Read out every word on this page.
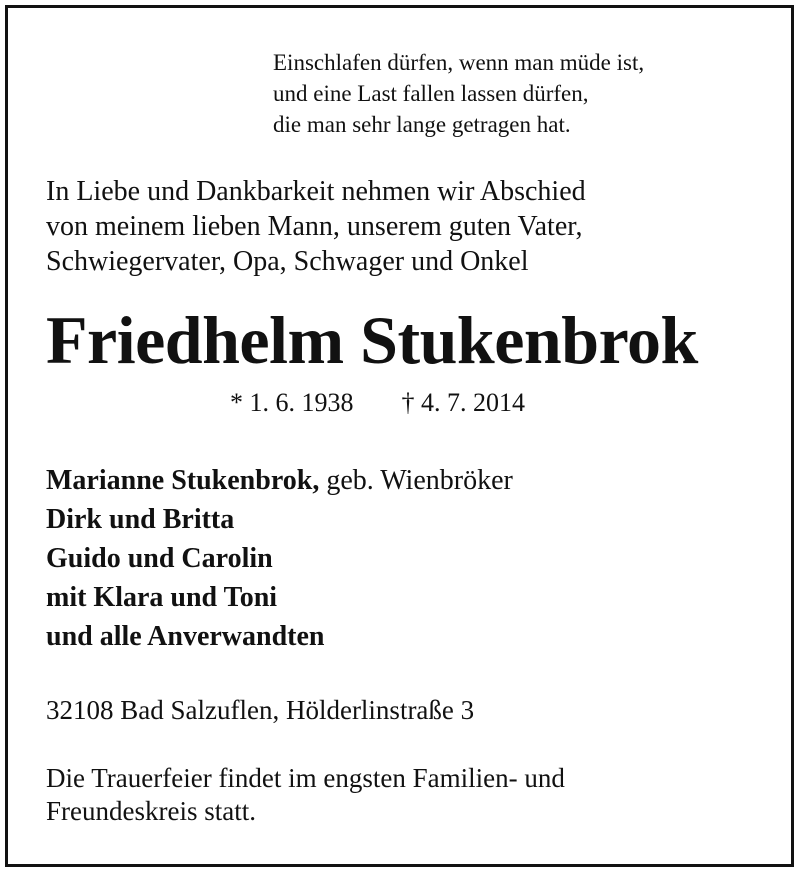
Einschlafen dürfen, wenn man müde ist,
und eine Last fallen lassen dürfen,
die man sehr lange getragen hat.
In Liebe und Dankbarkeit nehmen wir Abschied
von meinem lieben Mann, unserem guten Vater,
Schwiegervater, Opa, Schwager und Onkel
Friedhelm Stukenbrok
* 1. 6. 1938 † 4. 7. 2014
Marianne Stukenbrok, geb. Wienbröker
Dirk und Britta
Guido und Carolin
mit Klara und Toni
und alle Anverwandten
32108 Bad Salzuflen, Hölderlinstraße 3
Die Trauerfeier findet im engsten Familien- und
Freundeskreis statt.
